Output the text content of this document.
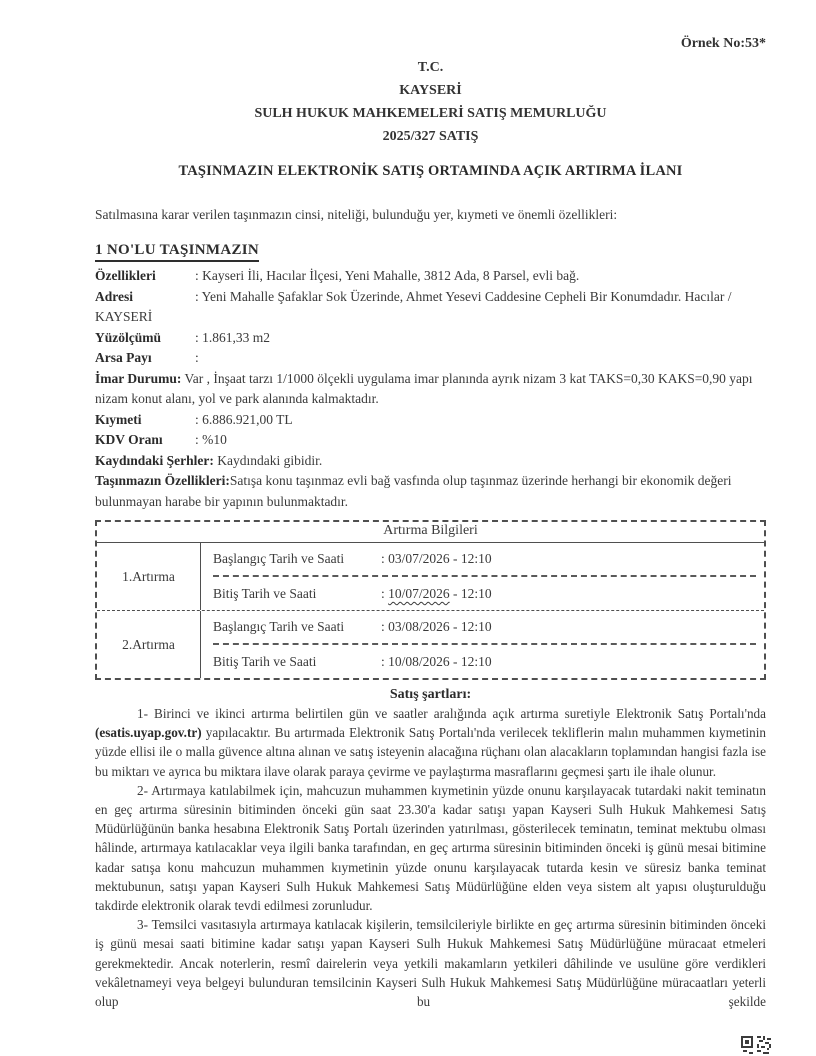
Örnek No:53*
T.C.
KAYSERİ
SULH HUKUK MAHKEMELERİ SATIŞ MEMURLUĞU
2025/327 SATIŞ
TAŞINMAZIN ELEKTRONİK SATIŞ ORTAMINDA AÇIK ARTIRMA İLANI

Satılmasına karar verilen taşınmazın cinsi, niteliği, bulunduğu yer, kıymeti ve önemli özellikleri:

1 NO'LU TAŞINMAZIN

Özellikleri	: Kayseri İli, Hacılar İlçesi, Yeni Mahalle, 3812 Ada, 8 Parsel, evli bağ.

Adresi	: Yeni Mahalle Şafaklar Sok Üzerinde, Ahmet Yesevi Caddesine Cepheli Bir Konumdadır. Hacılar / KAYSERİ

Yüzölçümü	: 1.861,33 m2

Arsa Payı	:

İmar Durumu: Var , İnşaat tarzı 1/1000 ölçekli uygulama imar planında ayrık nizam 3 kat TAKS=0,30 KAKS=0,90 yapı nizam konut alanı, yol ve park alanında kalmaktadır.

Kıymeti	: 6.886.921,00 TL

KDV Oranı : %10

Kaydındaki Şerhler: Kaydındaki gibidir.

Taşınmazın Özellikleri:Satışa konu taşınmaz evli bağ vasfında olup taşınmaz üzerinde herhangi bir ekonomik değeri bulunmayan harabe bir yapının bulunmaktadır.

Artırma Bilgileri
1.Artırma
Başlangıç Tarih ve Saati	: 03/07/2026 - 12:10
Bitiş Tarih ve Saati	: 10/07/2026 - 12:10
2.Artırma
Başlangıç Tarih ve Saati	: 03/08/2026 - 12:10
Bitiş Tarih ve Saati	: 10/08/2026 - 12:10
Satış şartları:

1- Birinci ve ikinci artırma belirtilen gün ve saatler aralığında açık artırma suretiyle Elektronik Satış Portalı'nda (esatis.uyap.gov.tr) yapılacaktır. Bu artırmada Elektronik Satış Portalı'nda verilecek tekliflerin malın muhammen kıymetinin yüzde ellisi ile o malla güvence altına alınan ve satış isteyenin alacağına rüçhanı olan alacakların toplamından hangisi fazla ise bu miktarı ve ayrıca bu miktara ilave olarak paraya çevirme ve paylaştırma masraflarını geçmesi şartı ile ihale olunur.

2- Artırmaya katılabilmek için, mahcuzun muhammen kıymetinin yüzde onunu karşılayacak tutardaki nakit teminatın en geç artırma süresinin bitiminden önceki gün saat 23.30'a kadar satışı yapan Kayseri Sulh Hukuk Mahkemesi Satış Müdürlüğünün banka hesabına Elektronik Satış Portalı üzerinden yatırılması, gösterilecek teminatın, teminat mektubu olması hâlinde, artırmaya katılacaklar veya ilgili banka tarafından, en geç artırma süresinin bitiminden önceki iş günü mesai bitimine kadar satışa konu mahcuzun muhammen kıymetinin yüzde onunu karşılayacak tutarda kesin ve süresiz banka teminat mektubunun, satışı yapan Kayseri Sulh Hukuk Mahkemesi Satış Müdürlüğüne elden veya sistem alt yapısı oluşturulduğu takdirde elektronik olarak tevdi edilmesi zorunludur.

3- Temsilci vasıtasıyla artırmaya katılacak kişilerin, temsilcileriyle birlikte en geç artırma süresinin bitiminden önceki iş günü mesai saati bitimine kadar satışı yapan Kayseri Sulh Hukuk Mahkemesi Satış Müdürlüğüne müracaat etmeleri gerekmektedir. Ancak noterlerin, resmî dairelerin veya yetkili makamların yetkileri dâhilinde ve usulüne göre verdikleri vekâletnameyi veya belgeyi bulunduran temsilcinin Kayseri Sulh Hukuk Mahkemesi Satış Müdürlüğüne müracaatları yeterli olup bu şekilde
